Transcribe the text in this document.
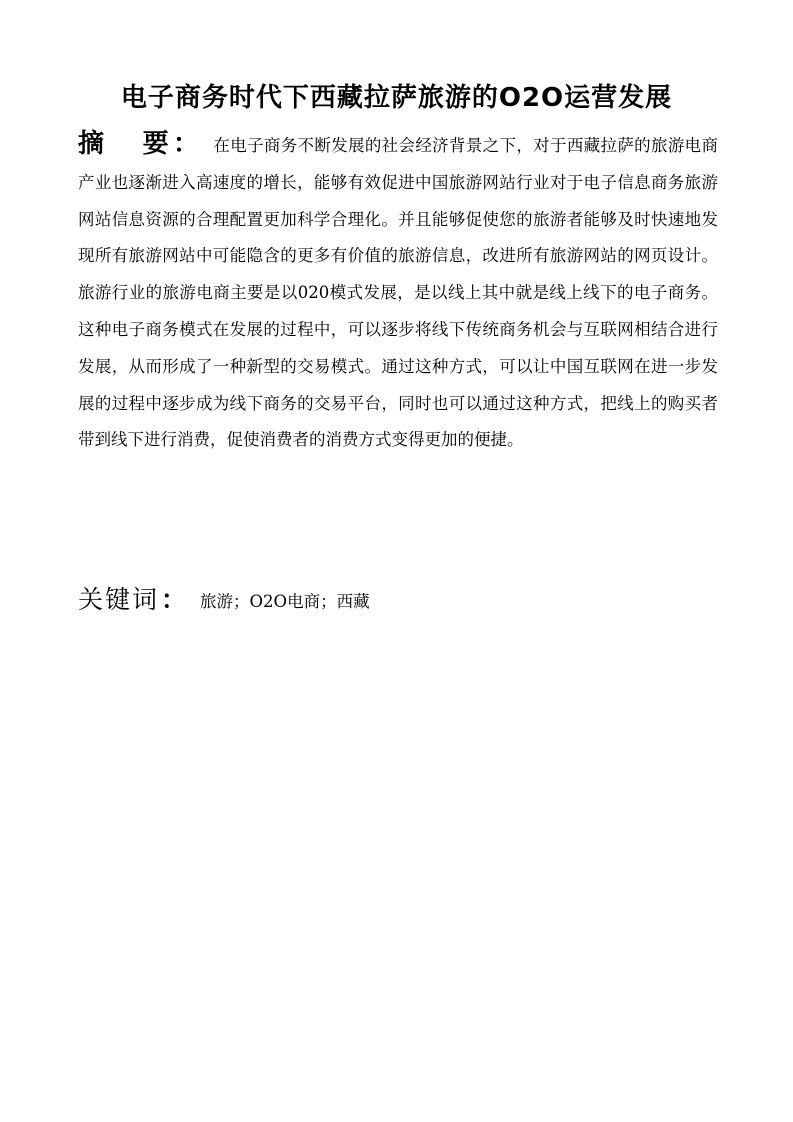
电子商务时代下西藏拉萨旅游的O2O运营发展
摘 要 ： 在电子商务不断发展的社会经济背景之下，对于西藏拉萨的旅游电商产业也逐渐进入高速度的增长，能够有效促进中国旅游网站行业对于电子信息商务旅游网站信息资源的合理配置更加科学合理化。并且能够促使您的旅游者能够及时快速地发现所有旅游网站中可能隐含的更多有价值的旅游信息，改进所有旅游网站的网页设计。旅游行业的旅游电商主要是以020模式发展，是以线上其中就是线上线下的电子商务。这种电子商务模式在发展的过程中，可以逐步将线下传统商务机会与互联网相结合进行发展，从而形成了一种新型的交易模式。通过这种方式，可以让中国互联网在进一步发展的过程中逐步成为线下商务的交易平台，同时也可以通过这种方式，把线上的购买者带到线下进行消费，促使消费者的消费方式变得更加的便捷。
关键词： 旅游；O2O电商；西藏
